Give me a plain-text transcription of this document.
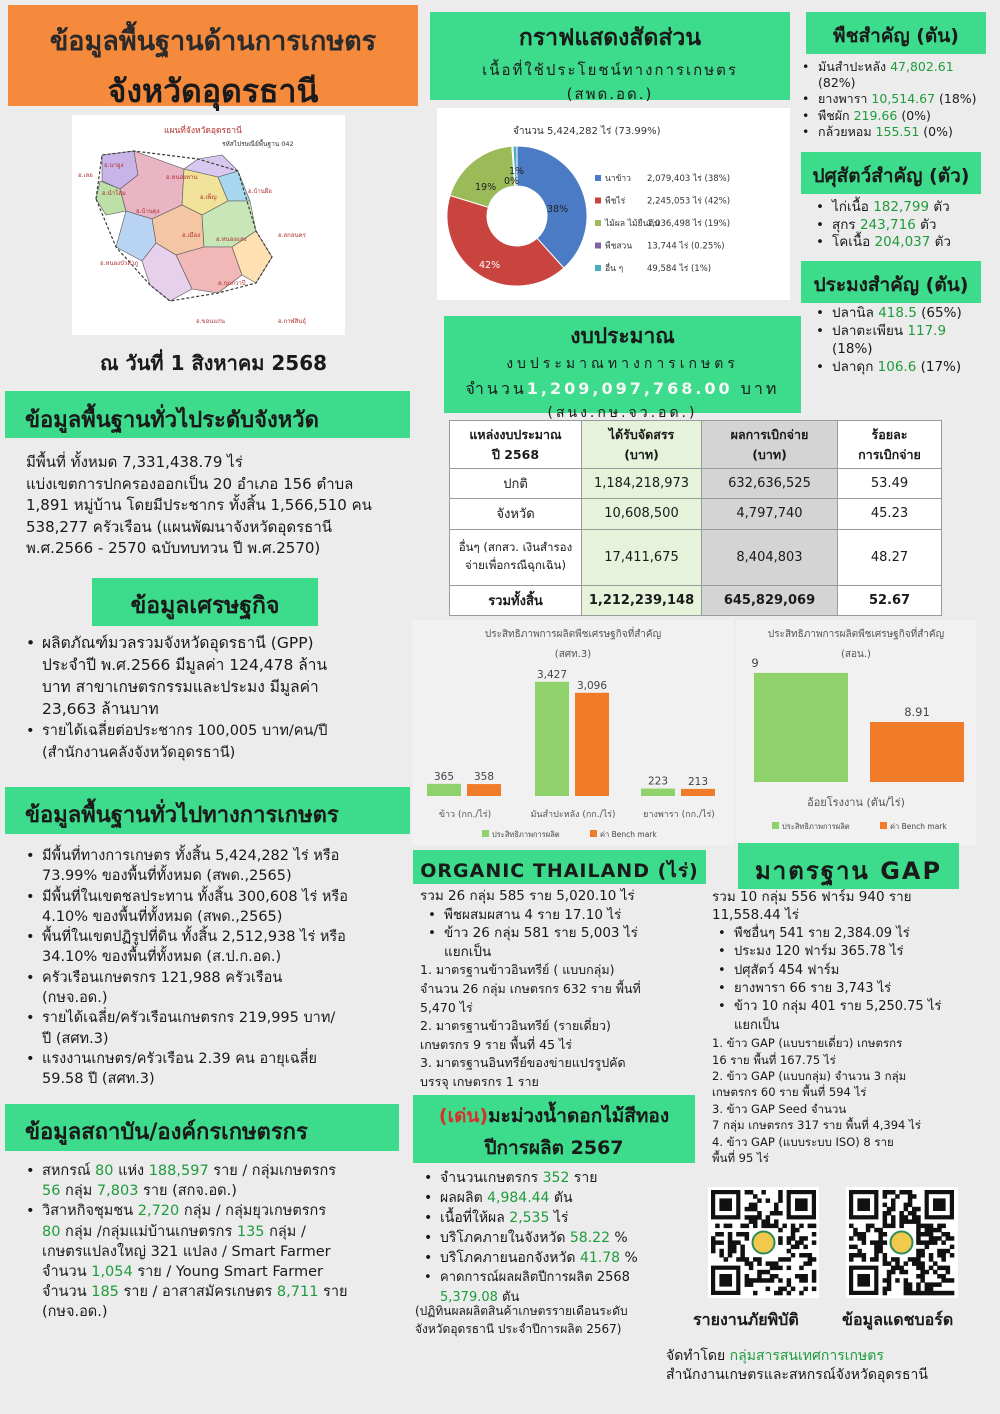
ข้อมูลพื้นฐานด้านการเกษตร
จังหวัดอุดรธานี
แผนที่จังหวัดอุดรธานี
รหัสไปรษณีย์พื้นฐาน 042
อ.เลย
อ.นายูง
อ.หนองหาน
อ.นำโสม	อ.บ้านผือ
อ.เพ็ญ
อ.บ้านดุง
อ.เมือง
อ.หนองแสง
อ.สกลนคร
อ.หนองบัวลำภู
อ.กุมภวาปี
อ.ขอนแก่น	อ.กาฬสินธุ์
ณ วันที่ 1 สิงหาคม 2568
ข้อมูลพื้นฐานทั่วไประดับจังหวัด
มีพื้นที่ ทั้งหมด 7,331,438.79 ไร่
แบ่งเขตการปกครองออกเป็น 20 อำเภอ 156 ตำบล
1,891 หมู่บ้าน โดยมีประชากร ทั้งสิ้น 1,566,510 คน
538,277 ครัวเรือน (แผนพัฒนาจังหวัดอุดรธานี
พ.ศ.2566 - 2570 ฉบับทบทวน ปี พ.ศ.2570)
ข้อมูลเศรษฐกิจ
• ผลิตภัณฑ์มวลรวมจังหวัดอุดรธานี (GPP)
ประจำปี พ.ศ.2566 มีมูลค่า 124,478 ล้าน
บาท สาขาเกษตรกรรมและประมง มีมูลค่า
23,663 ล้านบาท
• รายได้เฉลี่ยต่อประชากร 100,005 บาท/คน/ปี
(สำนักงานคลังจังหวัดอุดรธานี)
ข้อมูลพื้นฐานทั่วไปทางการเกษตร
• มีพื้นที่ทางการเกษตร ทั้งสิ้น 5,424,282 ไร่ หรือ
73.99% ของพื้นที่ทั้งหมด (สพด.,2565)
• มีพื้นที่ในเขตชลประทาน ทั้งสิ้น 300,608 ไร่ หรือ
4.10% ของพื้นที่ทั้งหมด (สพด.,2565)
• พื้นที่ในเขตปฏิรูปที่ดิน ทั้งสิ้น 2,512,938 ไร่ หรือ
34.10% ของพื้นที่ทั้งหมด (ส.ป.ก.อด.)
• ครัวเรือนเกษตรกร 121,988 ครัวเรือน
(กษจ.อด.)
• รายได้เฉลี่ย/ครัวเรือนเกษตรกร 219,995 บาท/
ปี (สศท.3)
• แรงงานเกษตร/ครัวเรือน 2.39 คน อายุเฉลี่ย
59.58 ปี (สศท.3)
ข้อมูลสถาบัน/องค์กรเกษตรกร
• สหกรณ์ 80 แห่ง 188,597 ราย / กลุ่มเกษตรกร
56 กลุ่ม 7,803 ราย (สกจ.อด.)
• วิสาหกิจชุมชน 2,720 กลุ่ม / กลุ่มยุวเกษตรกร
80 กลุ่ม /กลุ่มแม่บ้านเกษตรกร 135 กลุ่ม /
เกษตรแปลงใหญ่ 321 แปลง / Smart Farmer
จำนวน 1,054 ราย / Young Smart Farmer
จำนวน 185 ราย / อาสาสมัครเกษตร 8,711 ราย
(กษจ.อด.)
กราฟแสดงสัดส่วน
เนื้อที่ใช้ประโยชน์ทางการเกษตร
(สพด.อด.)
จำนวน 5,424,282 ไร่ (73.99%)
38%
42%
19%
0%
1%
นาข้าว 2,079,403 ไร่ (38%)
พืชไร่	2,245,053 ไร่ (42%)
ไม้ผล ไม้ยืนต้น
1,036,498 ไร่ (19%)
พืชสวน 13,744 ไร่ (0.25%)
อื่น ๆ	49,584 ไร่ (1%)
พืชสำคัญ (ตัน)
• มันสำปะหลัง 47,802.61
(82%)
• ยางพารา 10,514.67 (18%)
• พืชผัก 219.66 (0%)
• กล้วยหอม 155.51 (0%)
ปศุสัตว์สำคัญ (ตัว)
• ไก่เนื้อ 182,799 ตัว
• สุกร 243,716 ตัว
• โคเนื้อ 204,037 ตัว
ประมงสำคัญ (ตัน)
• ปลานิล 418.5 (65%)
• ปลาตะเพียน 117.9
(18%)
• ปลาดุก 106.6 (17%)
งบประมาณ
งบประมาณทางการเกษตร
จำนวน1,209,097,768.00 บาท
(สนง.กษ.จว.อด.)
แหล่งงบประมาณ
ปี 2568	ได้รับจัดสรร
(บาท)	ผลการเบิกจ่าย
(บาท)	ร้อยละ
การเบิกจ่าย
ปกติ	1,184,218,973	632,636,525	53.49
จังหวัด	10,608,500	4,797,740	45.23
อื่นๆ (สกสว. เงินสำรอง
จ่ายเพื่อกรณีฉุกเฉิน)	17,411,675	8,404,803	48.27
รวมทั้งสิ้น	1,212,239,148	645,829,069	52.67
ประสิทธิภาพการผลิตพืชเศรษฐกิจที่สำคัญ
(สศท.3)
365 358
ข้าว (กก./ไร่)
3,427
3,096
มันสำปะหลัง (กก./ไร่)
223 213
ยางพารา (กก./ไร่)
ประสิทธิภาพการผลิต	ค่า Bench mark
ประสิทธิภาพการผลิตพืชเศรษฐกิจที่สำคัญ
(สอน.)
9
8.91
อ้อยโรงงาน (ตัน/ไร่)
ประสิทธิภาพการผลิต	ค่า Bench mark
ORGANIC THAILAND (ไร่)
รวม 26 กลุ่ม 585 ราย 5,020.10 ไร่
• พืชผสมผสาน 4 ราย 17.10 ไร่
• ข้าว 26 กลุ่ม 581 ราย 5,003 ไร่
แยกเป็น
1. มาตรฐานข้าวอินทรีย์ ( แบบกลุ่ม)
จำนวน 26 กลุ่ม เกษตรกร 632 ราย พื้นที่
5,470 ไร่
2. มาตรฐานข้าวอินทรีย์ (รายเดี่ยว)
เกษตรกร 9 ราย พื้นที่ 45 ไร่
3. มาตรฐานอินทรีย์ของข่ายแปรรูปคัด
บรรจุ เกษตรกร 1 ราย
มาตรฐาน GAP
รวม 10 กลุ่ม 556 ฟาร์ม 940 ราย
11,558.44 ไร่
• พืชอื่นๆ 541 ราย 2,384.09 ไร่
• ประมง 120 ฟาร์ม 365.78 ไร่
• ปศุสัตว์ 454 ฟาร์ม
• ยางพารา 66 ราย 3,743 ไร่
• ข้าว 10 กลุ่ม 401 ราย 5,250.75 ไร่
แยกเป็น
1. ข้าว GAP (แบบรายเดี่ยว) เกษตรกร
16 ราย พื้นที่ 167.75 ไร่
2. ข้าว GAP (แบบกลุ่ม) จำนวน 3 กลุ่ม
เกษตรกร 60 ราย พื้นที่ 594 ไร่
3. ข้าว GAP Seed จำนวน
7 กลุ่ม เกษตรกร 317 ราย พื้นที่ 4,394 ไร่
4. ข้าว GAP (แบบระบบ ISO) 8 ราย
พื้นที่ 95 ไร่
(เด่น)มะม่วงน้ำดอกไม้สีทอง
ปีการผลิต 2567
• จำนวนเกษตรกร 352 ราย
• ผลผลิต 4,984.44 ตัน
• เนื้อที่ให้ผล 2,535 ไร่
• บริโภคภายในจังหวัด 58.22 %
• บริโภคภายนอกจังหวัด 41.78 %
• คาดการณ์ผลผลิตปีการผลิต 2568
5,379.08 ตัน
(ปฏิทินผลผลิตสินค้าเกษตรรายเดือนระดับ
จังหวัดอุดรธานี ประจำปีการผลิต 2567)	รายงานภัยพิบัติ	ข้อมูลแดชบอร์ด
จัดทำโดย กลุ่มสารสนเทศการเกษตร
สำนักงานเกษตรและสหกรณ์จังหวัดอุดรธานี
